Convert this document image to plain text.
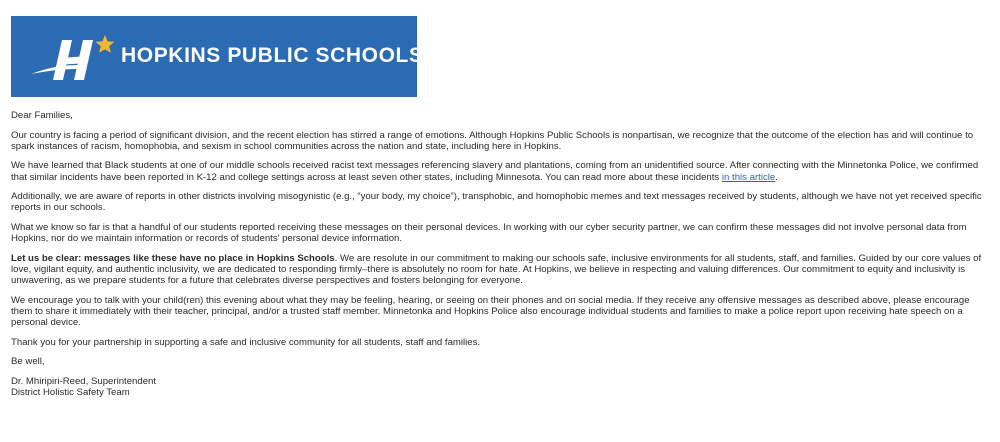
HOPKINS PUBLIC SCHOOLS

Dear Families,

Our country is facing a period of significant division, and the recent election has stirred a range of emotions. Although Hopkins Public Schools is nonpartisan, we recognize that the outcome of the election has and will continue to spark instances of racism, homophobia, and sexism in school communities across the nation and state, including here in Hopkins.

We have learned that Black students at one of our middle schools received racist text messages referencing slavery and plantations, coming from an unidentified source. After connecting with the Minnetonka Police, we confirmed that similar incidents have been reported in K-12 and college settings across at least seven other states, including Minnesota. You can read more about these incidents in this article.

Additionally, we are aware of reports in other districts involving misogynistic (e.g., “your body, my choice”), transphobic, and homophobic memes and text messages received by students, although we have not yet received specific reports in our schools.

What we know so far is that a handful of our students reported receiving these messages on their personal devices. In working with our cyber security partner, we can confirm these messages did not involve personal data from Hopkins, nor do we maintain information or records of students’ personal device information.

Let us be clear: messages like these have no place in Hopkins Schools. We are resolute in our commitment to making our schools safe, inclusive environments for all students, staff, and families. Guided by our core values of love, vigilant equity, and authentic inclusivity, we are dedicated to responding firmly–there is absolutely no room for hate. At Hopkins, we believe in respecting and valuing differences. Our commitment to equity and inclusivity is unwavering, as we prepare students for a future that celebrates diverse perspectives and fosters belonging for everyone.

We encourage you to talk with your child(ren) this evening about what they may be feeling, hearing, or seeing on their phones and on social media. If they receive any offensive messages as described above, please encourage them to share it immediately with their teacher, principal, and/or a trusted staff member. Minnetonka and Hopkins Police also encourage individual students and families to make a police report upon receiving hate speech on a personal device.

Thank you for your partnership in supporting a safe and inclusive community for all students, staff and families.

Be well,

Dr. Mhiripiri-Reed, Superintendent

District Holistic Safety Team
